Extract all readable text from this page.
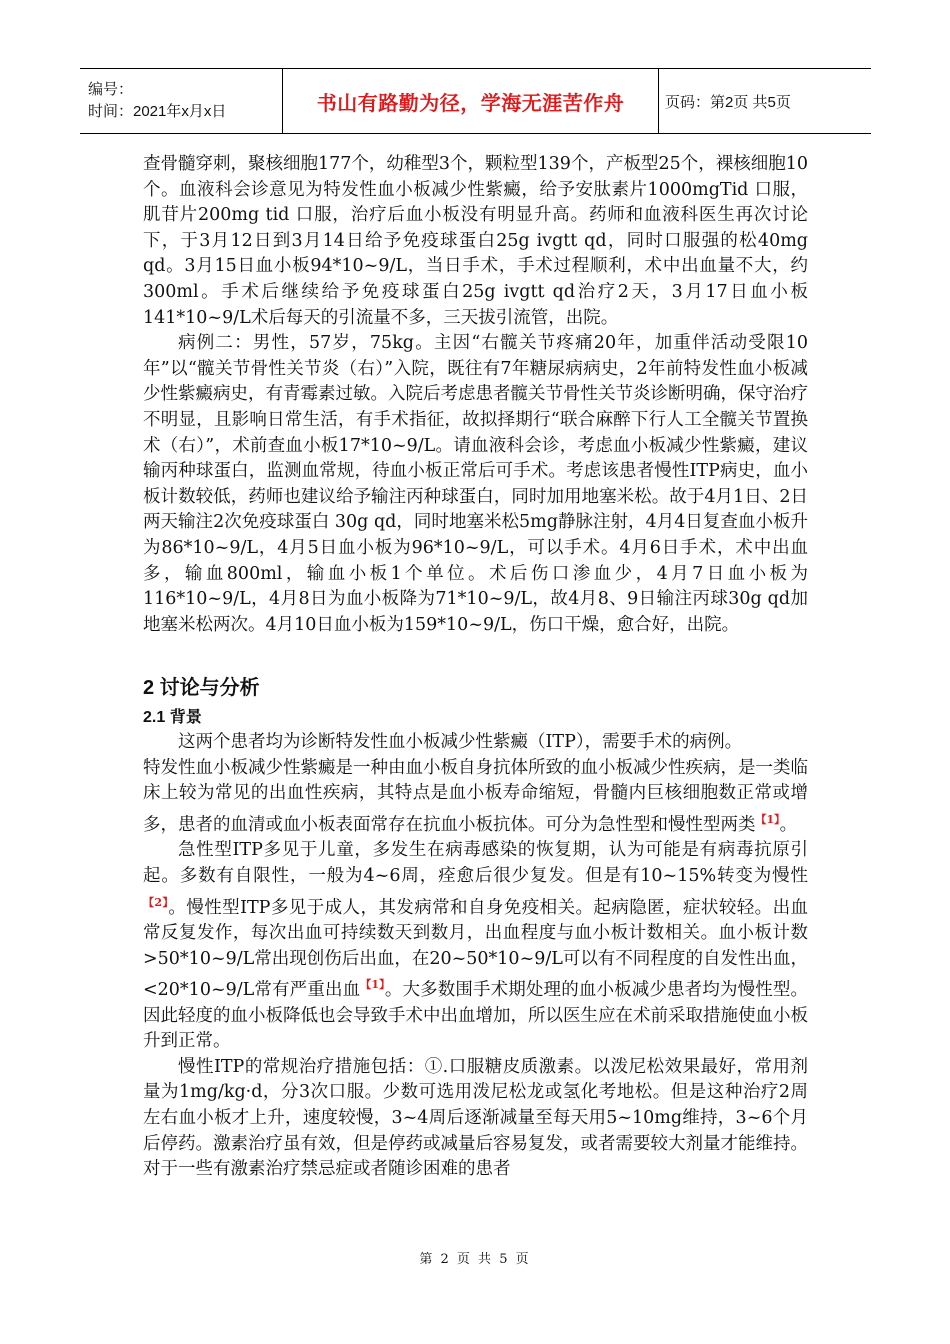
编号：
时间：2021年x月x日	书山有路勤为径，学海无涯苦作舟	页码：第2页 共5页

查骨髓穿刺，聚核细胞177个，幼稚型3个，颗粒型139个，产板型25个，裸核细胞10个。血液科会诊意见为特发性血小板减少性紫癜，给予安肽素片1000mgTid 口服，肌苷片200mg tid 口服，治疗后血小板没有明显升高。药师和血液科医生再次讨论下，于3月12日到3月14日给予免疫球蛋白25g ivgtt qd，同时口服强的松40mg qd。3月15日血小板94*10~9/L，当日手术，手术过程顺利，术中出血量不大，约300ml。手术后继续给予免疫球蛋白25g ivgtt qd治疗2天，3月17日血小板141*10~9/L术后每天的引流量不多，三天拔引流管，出院。

病例二：男性，57岁，75kg。主因“右髋关节疼痛20年，加重伴活动受限10年”以“髋关节骨性关节炎（右）”入院，既往有7年糖尿病病史，2年前特发性血小板减少性紫癜病史，有青霉素过敏。入院后考虑患者髋关节骨性关节炎诊断明确，保守治疗不明显，且影响日常生活，有手术指征，故拟择期行“联合麻醉下行人工全髋关节置换术（右）”，术前查血小板17*10~9/L。请血液科会诊，考虑血小板减少性紫癜，建议输丙种球蛋白，监测血常规，待血小板正常后可手术。考虑该患者慢性ITP病史，血小板计数较低，药师也建议给予输注丙种球蛋白，同时加用地塞米松。故于4月1日、2日两天输注2次免疫球蛋白 30g qd，同时地塞米松5mg静脉注射，4月4日复查血小板升为86*10~9/L，4月5日血小板为96*10~9/L，可以手术。4月6日手术，术中出血多，输血800ml，输血小板1个单位。术后伤口渗血少，4月7日血小板为116*10~9/L，4月8日为血小板降为71*10~9/L，故4月8、9日输注丙球30g qd加地塞米松两次。4月10日血小板为159*10~9/L，伤口干燥，愈合好，出院。

2 讨论与分析
2.1 背景

这两个患者均为诊断特发性血小板减少性紫癜（ITP），需要手术的病例。

特发性血小板减少性紫癜是一种由血小板自身抗体所致的血小板减少性疾病，是一类临床上较为常见的出血性疾病，其特点是血小板寿命缩短，骨髓内巨核细胞数正常或增多，患者的血清或血小板表面常存在抗血小板抗体。可分为急性型和慢性型两类$^{【1】}$。

急性型ITP多见于儿童，多发生在病毒感染的恢复期，认为可能是有病毒抗原引起。多数有自限性，一般为4~6周，痊愈后很少复发。但是有10~15%转变为慢性$^{【2】}$。慢性型ITP多见于成人，其发病常和自身免疫相关。起病隐匿，症状较轻。出血常反复发作，每次出血可持续数天到数月，出血程度与血小板计数相关。血小板计数>50*10~9/L常出现创伤后出血，在20~50*10~9/L可以有不同程度的自发性出血，<20*10~9/L常有严重出血$^{【1】}$。大多数围手术期处理的血小板减少患者均为慢性型。因此轻度的血小板降低也会导致手术中出血增加，所以医生应在术前采取措施使血小板升到正常。

慢性ITP的常规治疗措施包括：①.口服糖皮质激素。以泼尼松效果最好，常用剂量为1mg/kg·d，分3次口服。少数可选用泼尼松龙或氢化考地松。但是这种治疗2周左右血小板才上升，速度较慢，3~4周后逐渐减量至每天用5~10mg维持，3~6个月后停药。激素治疗虽有效，但是停药或减量后容易复发，或者需要较大剂量才能维持。对于一些有激素治疗禁忌症或者随诊困难的患者

第 2 页 共 5 页
